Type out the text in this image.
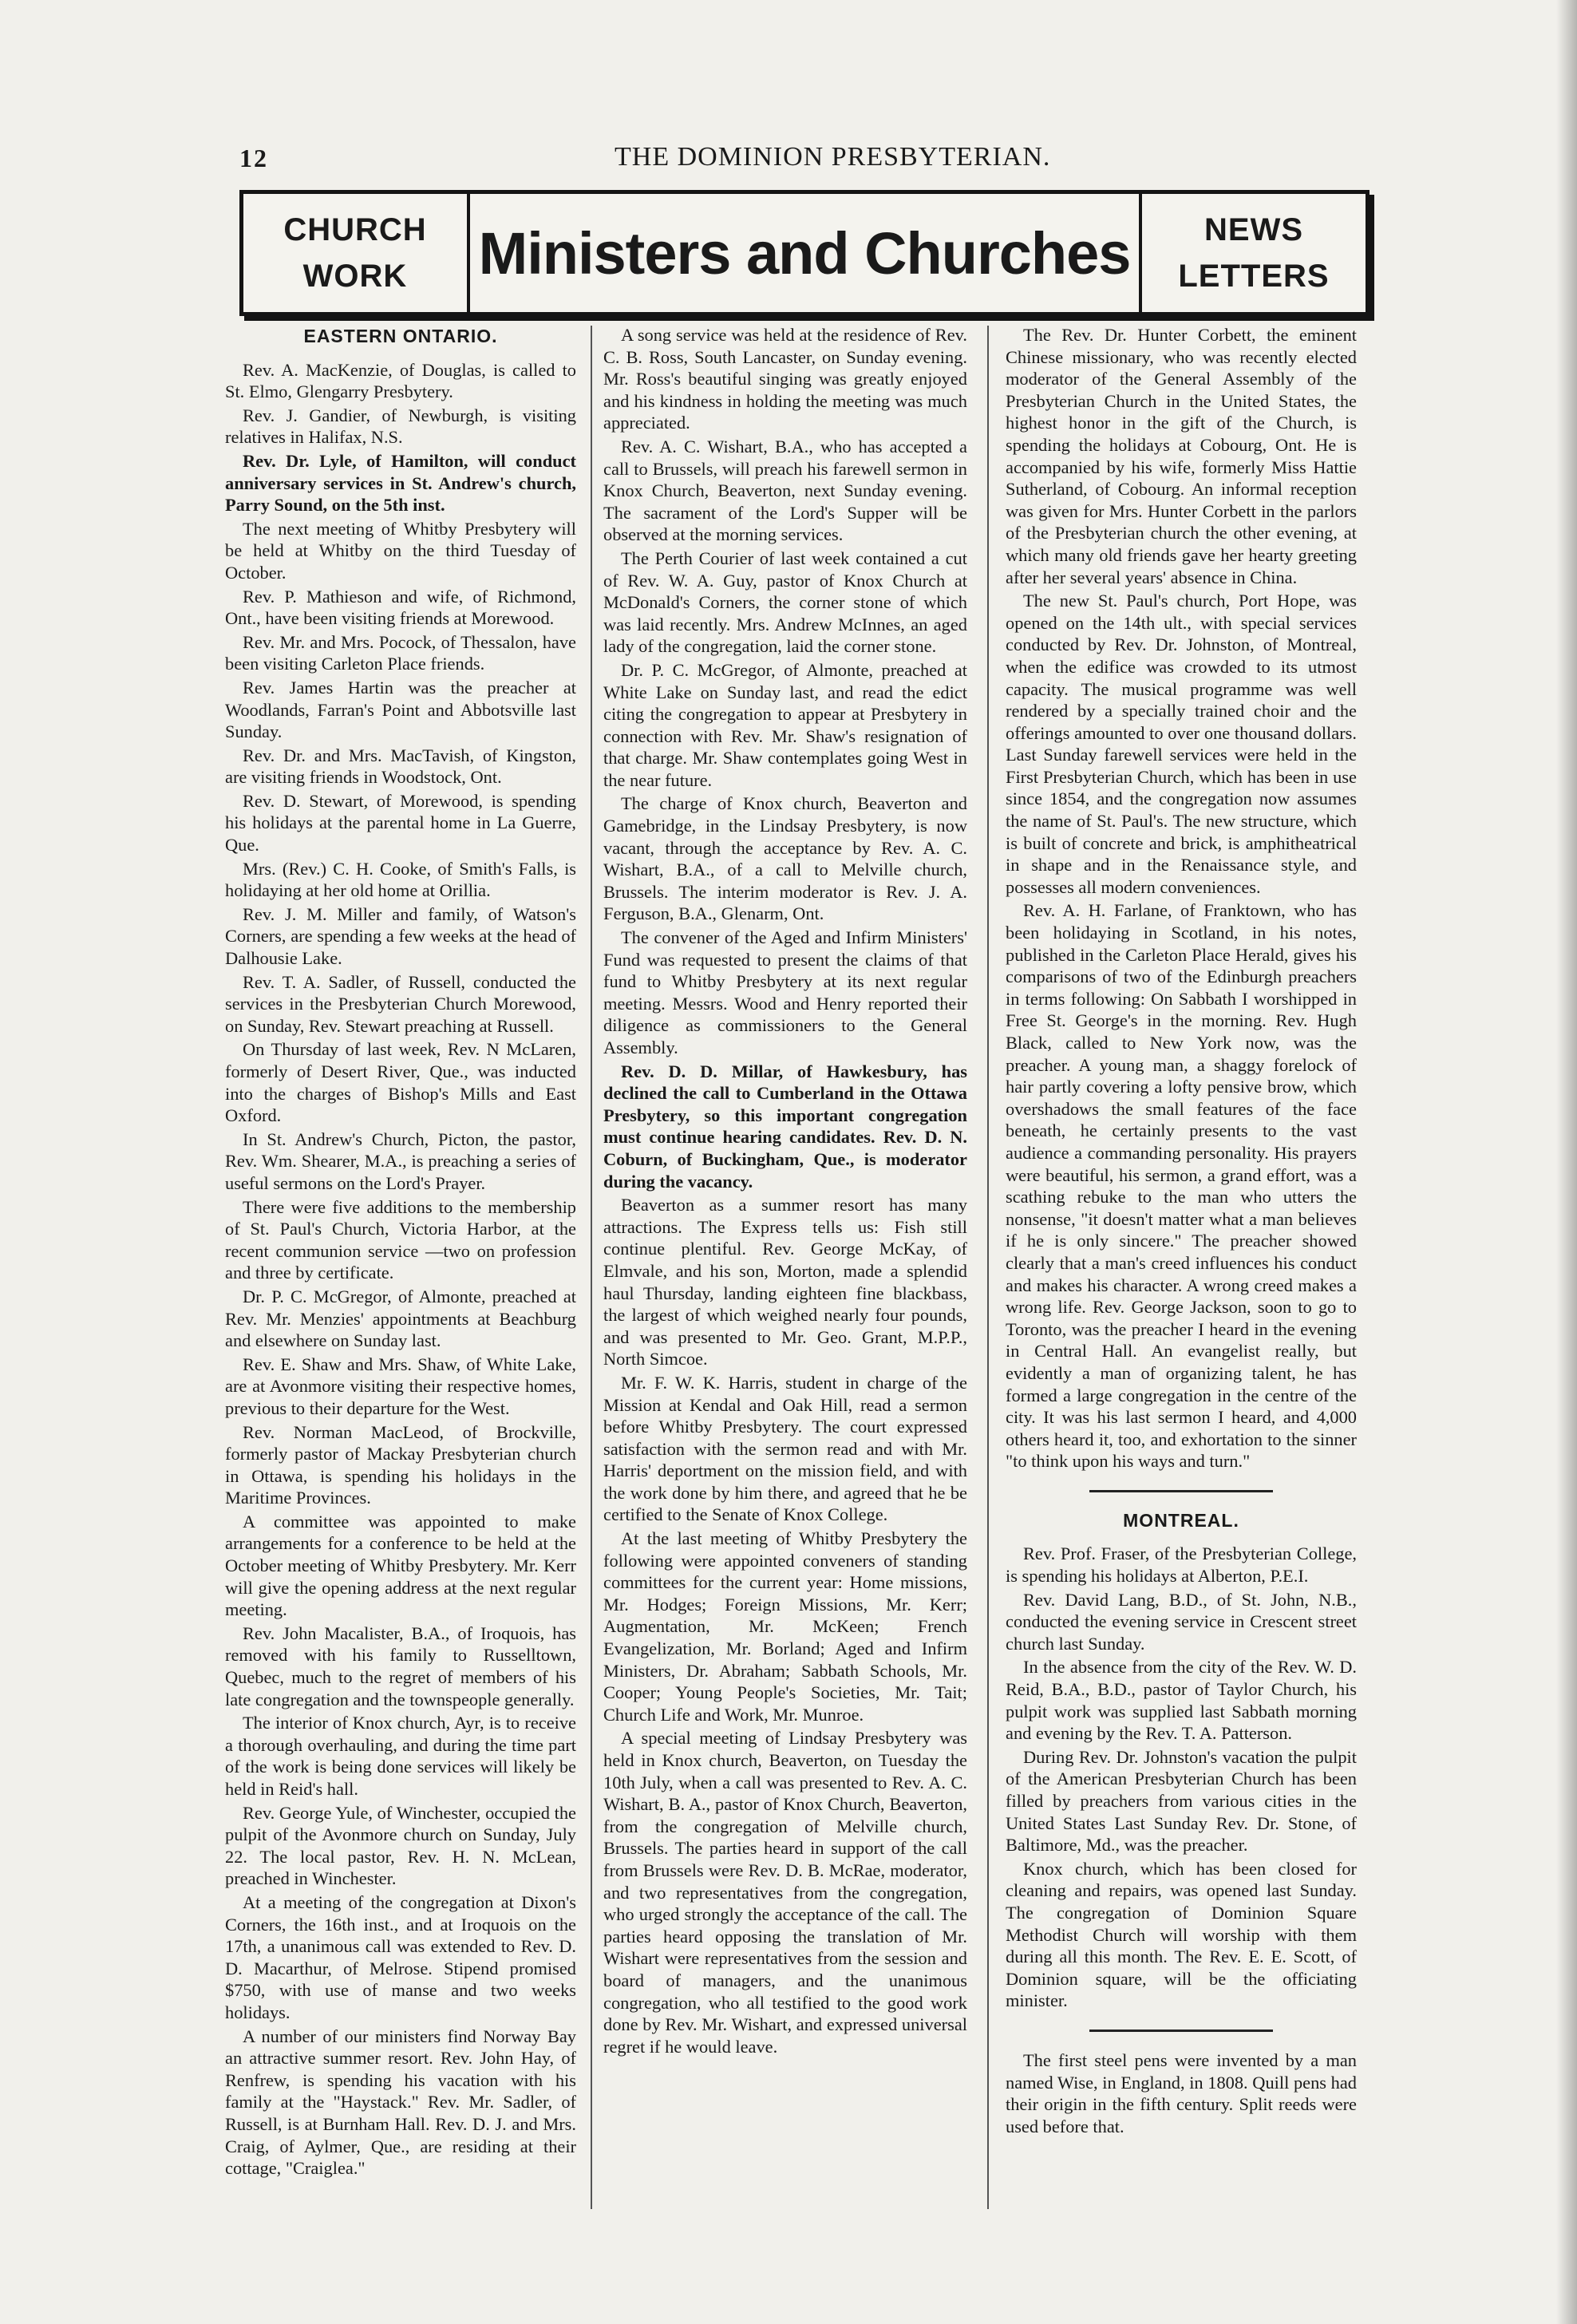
12	THE DOMINION PRESBYTERIAN.
CHURCH
WORK Ministers and Churches NEWS
LETTERS
EASTERN ONTARIO.

Rev. A. MacKenzie, of Douglas, is called to St. Elmo, Glengarry Presbytery.

Rev. J. Gandier, of Newburgh, is visiting relatives in Halifax, N.S.

Rev. Dr. Lyle, of Hamilton, will conduct anniversary services in St. Andrew's church, Parry Sound, on the 5th inst.

The next meeting of Whitby Presbytery will be held at Whitby on the third Tuesday of October.

Rev. P. Mathieson and wife, of Richmond, Ont., have been visiting friends at Morewood.

Rev. Mr. and Mrs. Pocock, of Thessalon, have been visiting Carleton Place friends.

Rev. James Hartin was the preacher at Woodlands, Farran's Point and Abbotsville last Sunday.

Rev. Dr. and Mrs. MacTavish, of Kingston, are visiting friends in Woodstock, Ont.

Rev. D. Stewart, of Morewood, is spending his holidays at the parental home in La Guerre, Que.

Mrs. (Rev.) C. H. Cooke, of Smith's Falls, is holidaying at her old home at Orillia.

Rev. J. M. Miller and family, of Watson's Corners, are spending a few weeks at the head of Dalhousie Lake.

Rev. T. A. Sadler, of Russell, conducted the services in the Presbyterian Church Morewood, on Sunday, Rev. Stewart preaching at Russell.

On Thursday of last week, Rev. N McLaren, formerly of Desert River, Que., was inducted into the charges of Bishop's Mills and East Oxford.

In St. Andrew's Church, Picton, the pastor, Rev. Wm. Shearer, M.A., is preaching a series of useful sermons on the Lord's Prayer.

There were five additions to the membership of St. Paul's Church, Victoria Harbor, at the recent communion service —two on profession and three by certificate.

Dr. P. C. McGregor, of Almonte, preached at Rev. Mr. Menzies' appointments at Beachburg and elsewhere on Sunday last.

Rev. E. Shaw and Mrs. Shaw, of White Lake, are at Avonmore visiting their respective homes, previous to their departure for the West.

Rev. Norman MacLeod, of Brockville, formerly pastor of Mackay Presbyterian church in Ottawa, is spending his holidays in the Maritime Provinces.

A committee was appointed to make arrangements for a conference to be held at the October meeting of Whitby Presbytery. Mr. Kerr will give the opening address at the next regular meeting.

Rev. John Macalister, B.A., of Iroquois, has removed with his family to Russelltown, Quebec, much to the regret of members of his late congregation and the townspeople generally.

The interior of Knox church, Ayr, is to receive a thorough overhauling, and during the time part of the work is being done services will likely be held in Reid's hall.

Rev. George Yule, of Winchester, occupied the pulpit of the Avonmore church on Sunday, July 22. The local pastor, Rev. H. N. McLean, preached in Winchester.

At a meeting of the congregation at Dixon's Corners, the 16th inst., and at Iroquois on the 17th, a unanimous call was extended to Rev. D. D. Macarthur, of Melrose. Stipend promised $750, with use of manse and two weeks holidays.

A number of our ministers find Norway Bay an attractive summer resort. Rev. John Hay, of Renfrew, is spending his vacation with his family at the "Haystack." Rev. Mr. Sadler, of Russell, is at Burnham Hall. Rev. D. J. and Mrs. Craig, of Aylmer, Que., are residing at their cottage, "Craiglea."

A song service was held at the residence of Rev. C. B. Ross, South Lancaster, on Sunday evening. Mr. Ross's beautiful singing was greatly enjoyed and his kindness in holding the meeting was much appreciated.

Rev. A. C. Wishart, B.A., who has accepted a call to Brussels, will preach his farewell sermon in Knox Church, Beaverton, next Sunday evening. The sacrament of the Lord's Supper will be observed at the morning services.

The Perth Courier of last week contained a cut of Rev. W. A. Guy, pastor of Knox Church at McDonald's Corners, the corner stone of which was laid recently. Mrs. Andrew McInnes, an aged lady of the congregation, laid the corner stone.

Dr. P. C. McGregor, of Almonte, preached at White Lake on Sunday last, and read the edict citing the congregation to appear at Presbytery in connection with Rev. Mr. Shaw's resignation of that charge. Mr. Shaw contemplates going West in the near future.

The charge of Knox church, Beaverton and Gamebridge, in the Lindsay Presbytery, is now vacant, through the acceptance by Rev. A. C. Wishart, B.A., of a call to Melville church, Brussels. The interim moderator is Rev. J. A. Ferguson, B.A., Glenarm, Ont.

The convener of the Aged and Infirm Ministers' Fund was requested to present the claims of that fund to Whitby Presbytery at its next regular meeting. Messrs. Wood and Henry reported their diligence as commissioners to the General Assembly.

Rev. D. D. Millar, of Hawkesbury, has declined the call to Cumberland in the Ottawa Presbytery, so this important congregation must continue hearing candidates. Rev. D. N. Coburn, of Buckingham, Que., is moderator during the vacancy.

Beaverton as a summer resort has many attractions. The Express tells us: Fish still continue plentiful. Rev. George McKay, of Elmvale, and his son, Morton, made a splendid haul Thursday, landing eighteen fine blackbass, the largest of which weighed nearly four pounds, and was presented to Mr. Geo. Grant, M.P.P., North Simcoe.

Mr. F. W. K. Harris, student in charge of the Mission at Kendal and Oak Hill, read a sermon before Whitby Presbytery. The court expressed satisfaction with the sermon read and with Mr. Harris' deportment on the mission field, and with the work done by him there, and agreed that he be certified to the Senate of Knox College.

At the last meeting of Whitby Presbytery the following were appointed conveners of standing committees for the current year: Home missions, Mr. Hodges; Foreign Missions, Mr. Kerr; Augmentation, Mr. McKeen; French Evangelization, Mr. Borland; Aged and Infirm Ministers, Dr. Abraham; Sabbath Schools, Mr. Cooper; Young People's Societies, Mr. Tait; Church Life and Work, Mr. Munroe.

A special meeting of Lindsay Presbytery was held in Knox church, Beaverton, on Tuesday the 10th July, when a call was presented to Rev. A. C. Wishart, B. A., pastor of Knox Church, Beaverton, from the congregation of Melville church, Brussels. The parties heard in support of the call from Brussels were Rev. D. B. McRae, moderator, and two representatives from the congregation, who urged strongly the acceptance of the call. The parties heard opposing the translation of Mr. Wishart were representatives from the session and board of managers, and the unanimous congregation, who all testified to the good work done by Rev. Mr. Wishart, and expressed universal regret if he would leave.

The Rev. Dr. Hunter Corbett, the eminent Chinese missionary, who was recently elected moderator of the General Assembly of the Presbyterian Church in the United States, the highest honor in the gift of the Church, is spending the holidays at Cobourg, Ont. He is accompanied by his wife, formerly Miss Hattie Sutherland, of Cobourg. An informal reception was given for Mrs. Hunter Corbett in the parlors of the Presbyterian church the other evening, at which many old friends gave her hearty greeting after her several years' absence in China.

The new St. Paul's church, Port Hope, was opened on the 14th ult., with special services conducted by Rev. Dr. Johnston, of Montreal, when the edifice was crowded to its utmost capacity. The musical programme was well rendered by a specially trained choir and the offerings amounted to over one thousand dollars. Last Sunday farewell services were held in the First Presbyterian Church, which has been in use since 1854, and the congregation now assumes the name of St. Paul's. The new structure, which is built of concrete and brick, is amphitheatrical in shape and in the Renaissance style, and possesses all modern conveniences.

Rev. A. H. Farlane, of Franktown, who has been holidaying in Scotland, in his notes, published in the Carleton Place Herald, gives his comparisons of two of the Edinburgh preachers in terms following: On Sabbath I worshipped in Free St. George's in the morning. Rev. Hugh Black, called to New York now, was the preacher. A young man, a shaggy forelock of hair partly covering a lofty pensive brow, which overshadows the small features of the face beneath, he certainly presents to the vast audience a commanding personality. His prayers were beautiful, his sermon, a grand effort, was a scathing rebuke to the man who utters the nonsense, "it doesn't matter what a man believes if he is only sincere." The preacher showed clearly that a man's creed influences his conduct and makes his character. A wrong creed makes a wrong life. Rev. George Jackson, soon to go to Toronto, was the preacher I heard in the evening in Central Hall. An evangelist really, but evidently a man of organizing talent, he has formed a large congregation in the centre of the city. It was his last sermon I heard, and 4,000 others heard it, too, and exhortation to the sinner "to think upon his ways and turn."

MONTREAL.

Rev. Prof. Fraser, of the Presbyterian College, is spending his holidays at Alberton, P.E.I.

Rev. David Lang, B.D., of St. John, N.B., conducted the evening service in Crescent street church last Sunday.

In the absence from the city of the Rev. W. D. Reid, B.A., B.D., pastor of Taylor Church, his pulpit work was supplied last Sabbath morning and evening by the Rev. T. A. Patterson.

During Rev. Dr. Johnston's vacation the pulpit of the American Presbyterian Church has been filled by preachers from various cities in the United States Last Sunday Rev. Dr. Stone, of Baltimore, Md., was the preacher.

Knox church, which has been closed for cleaning and repairs, was opened last Sunday. The congregation of Dominion Square Methodist Church will worship with them during all this month. The Rev. E. E. Scott, of Dominion square, will be the officiating minister.

The first steel pens were invented by a man named Wise, in England, in 1808. Quill pens had their origin in the fifth century. Split reeds were used before that.
